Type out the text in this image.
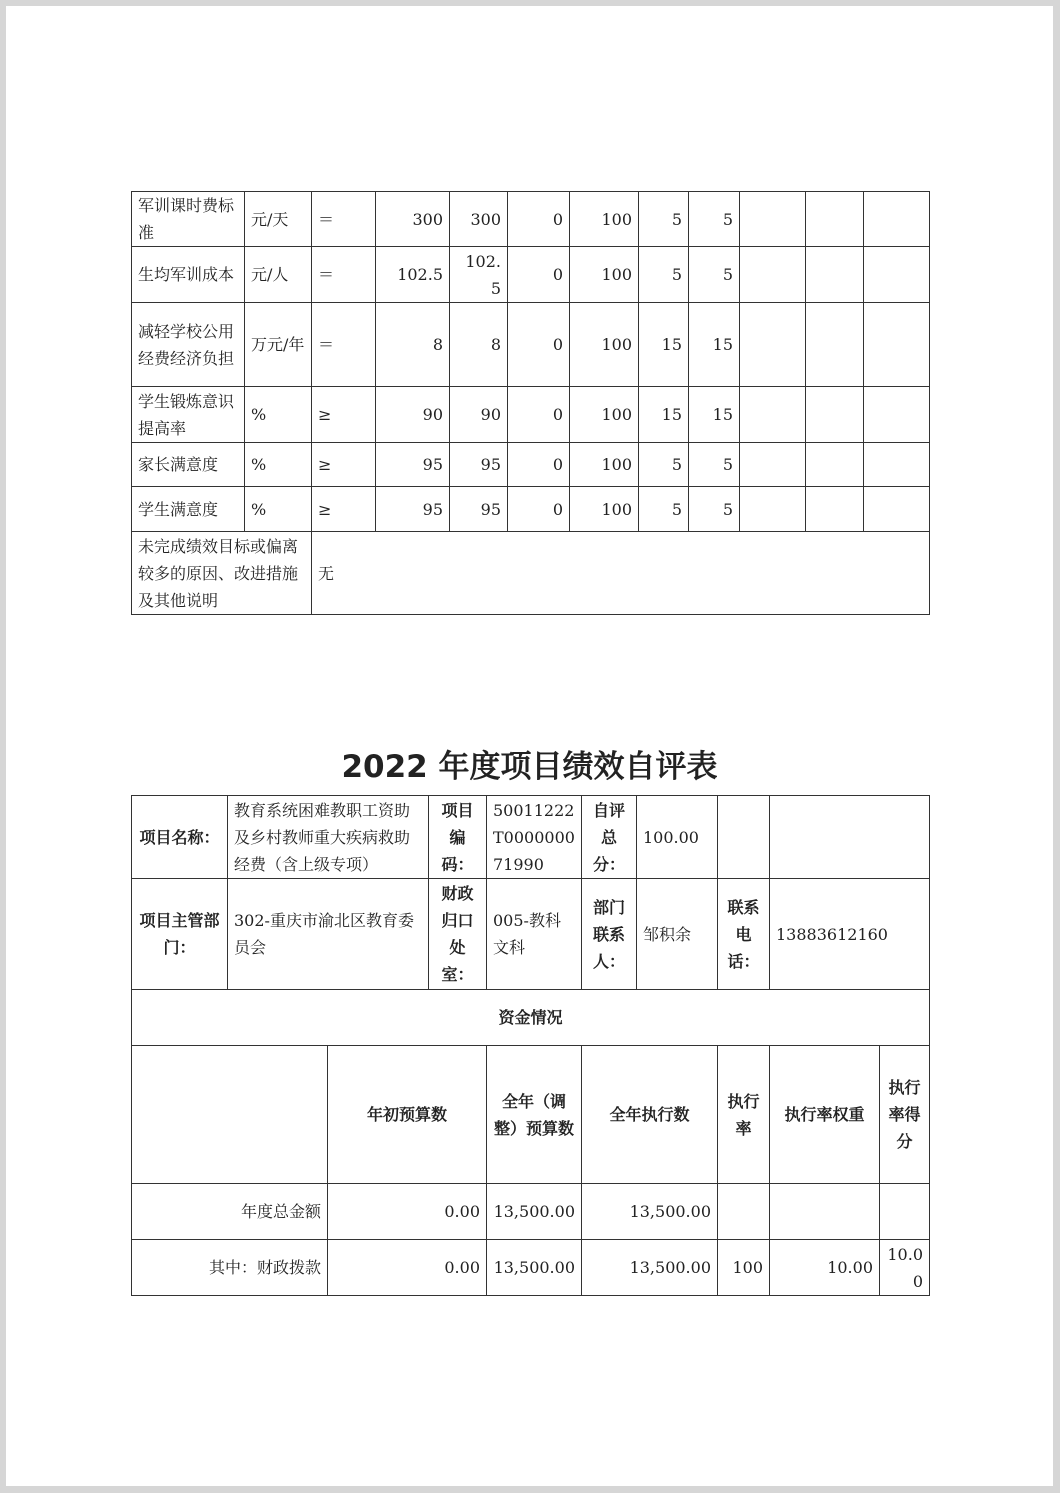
军训课时费标准	元/天	＝	300	300	0	100	5	5			
生均军训成本	元/人	＝	102.5	102.5	0	100	5	5			
减轻学校公用经费经济负担	万元/年	＝	8	8	0	100	15	15			
学生锻炼意识提高率	%	≥	90	90	0	100	15	15			
家长满意度	%	≥	95	95	0	100	5	5			
学生满意度	%	≥	95	95	0	100	5	5			
未完成绩效目标或偏离较多的原因、改进措施及其他说明		无									
2022 年度项目绩效自评表
项目名称：	教育系统困难教职工资助及乡村教师重大疾病救助经费（含上级专项）		项目编码：	50011222T000000071990	自评总分：	100.00			
项目主管部门：	302-重庆市渝北区教育委员会		财政归口处室：	005-教科文科	部门联系人：	邹积余	联系电话：	13883612160	
资金情况									
		年初预算数		全年（调整）预算数	全年执行数		执行率	执行率权重	执行率得分
年度总金额		0.00		13,500.00	13,500.00				
其中：财政拨款		0.00		13,500.00	13,500.00		100	10.00	10.00
